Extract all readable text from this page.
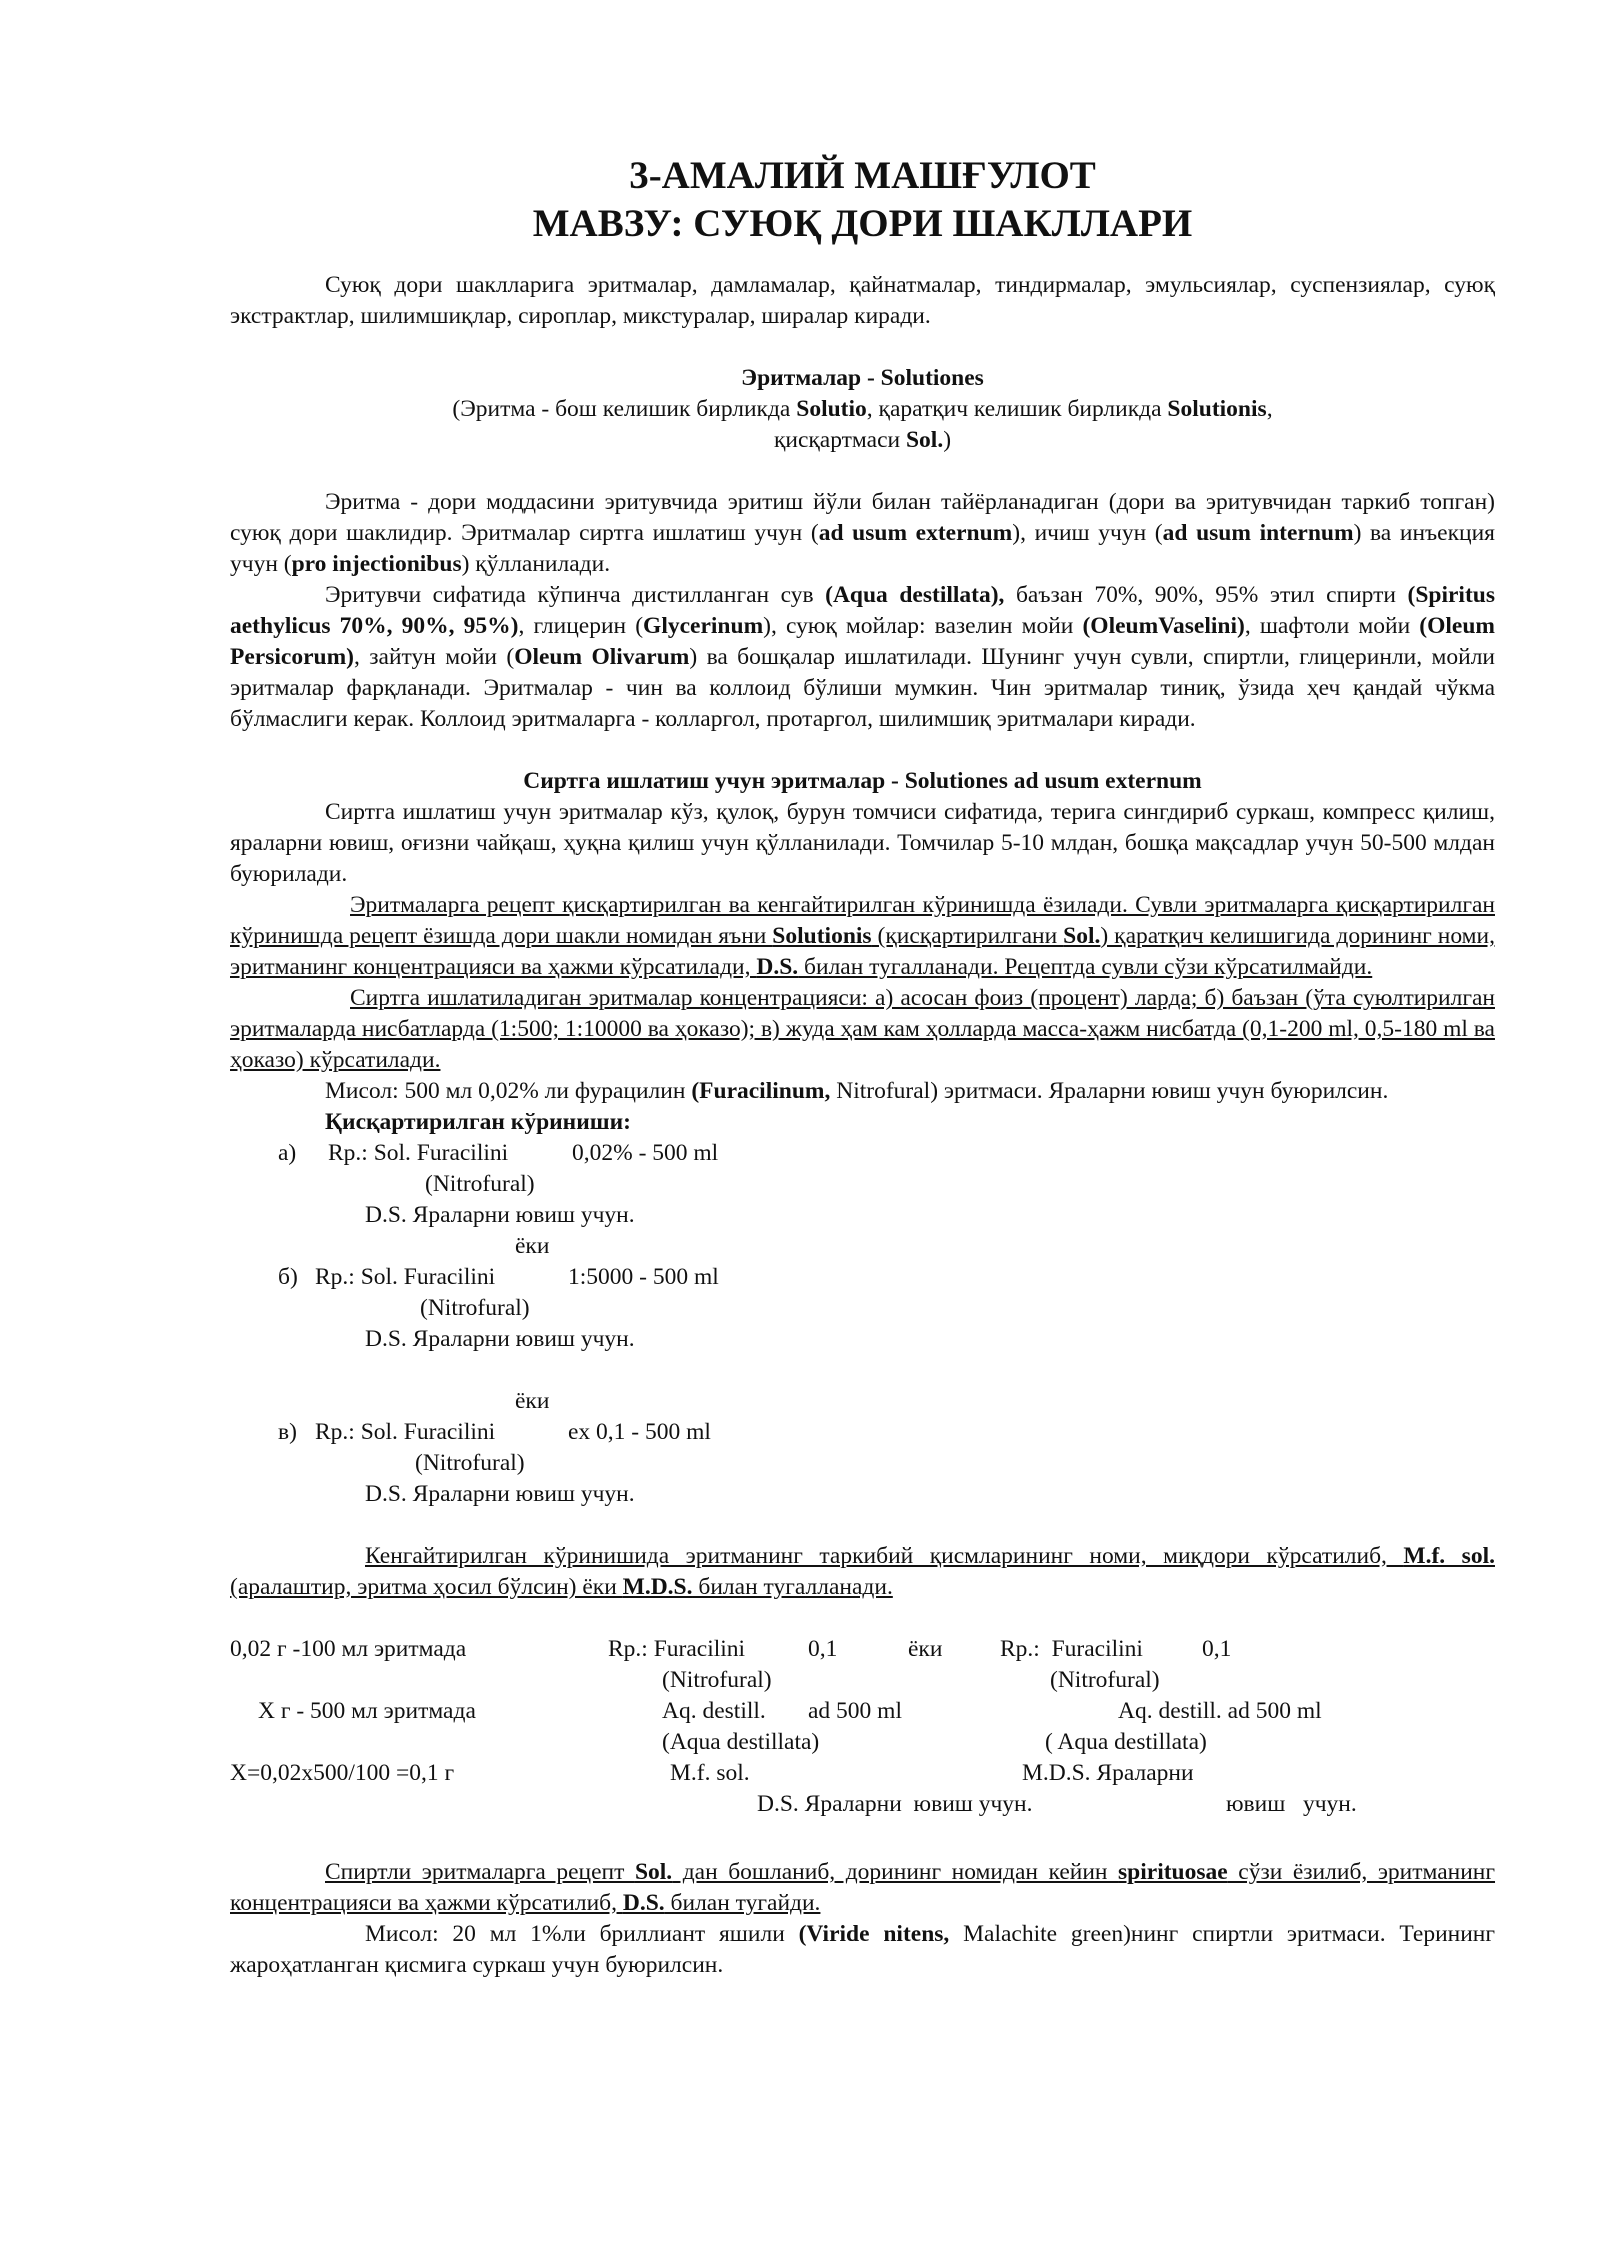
3-АМАЛИЙ МАШҒУЛОТ
МАВЗУ: СУЮҚ ДОРИ ШАКЛЛАРИ

Суюқ дори шаклларига эритмалар, дамламалар, қайнатмалар, тиндирмалар, эмульсиялар, суспензиялар, суюқ экстрактлар, шилимшиқлар, сироплар, микстуралар, ширалар киради.

Эритмалар - Solutiones

(Эритма - бош келишик бирликда Solutio, қаратқич келишик бирликда Solutionis,
қисқартмаси Sol.)

Эритма - дори моддасини эритувчида эритиш йўли билан тайёрланадиган (дори ва эритувчидан таркиб топган) суюқ дори шаклидир. Эритмалар сиртга ишлатиш учун (ad usum externum), ичиш учун (ad usum internum) ва инъекция учун (pro injectionibus) қўлланилади.

Эритувчи сифатида кўпинча дистилланган сув (Aqua destillata), баъзан 70%, 90%, 95% этил спирти (Spiritus aethylicus 70%, 90%, 95%), глицерин (Glycerinum), суюқ мойлар: вазелин мойи (OleumVaselini), шафтоли мойи (Oleum Persicorum), зайтун мойи (Oleum Olivarum) ва бошқалар ишлатилади. Шунинг учун сувли, спиртли, глицеринли, мойли эритмалар фарқланади. Эритмалар - чин ва коллоид бўлиши мумкин. Чин эритмалар тиниқ, ўзида ҳеч қандай чўкма бўлмаслиги керак. Коллоид эритмаларга - колларгол, протаргол, шилимшиқ эритмалари киради.

Сиртга ишлатиш учун эритмалар - Solutiones ad usum externum

Сиртга ишлатиш учун эритмалар кўз, қулоқ, бурун томчиси сифатида, терига сингдириб суркаш, компресс қилиш, яраларни ювиш, оғизни чайқаш, ҳуқна қилиш учун қўлланилади. Томчилар 5-10 млдан, бошқа мақсадлар учун 50-500 млдан буюрилади.

Эритмаларга рецепт қисқартирилган ва кенгайтирилган кўринишда ёзилади. Сувли эритмаларга қисқартирилган кўринишда рецепт ёзишда дори шакли номидан яъни Solutionis (қисқартирилгани Sol.) қаратқич келишигида дорининг номи, эритманинг концентрацияси ва ҳажми кўрсатилади, D.S. билан тугалланади. Рецептда сувли сўзи кўрсатилмайди.

Сиртга ишлатиладиган эритмалар концентрацияси: а) асосан фоиз (процент) ларда; б) баъзан (ўта суюлтирилган эритмаларда нисбатларда (1:500; 1:10000 ва ҳоказо); в) жуда ҳам кам ҳолларда масса-ҳажм нисбатда (0,1-200 ml, 0,5-180 ml ва ҳоказо) кўрсатилади.

Мисол: 500 мл 0,02% ли фурацилин (Furacilinum, Nitrofural) эритмаси. Яраларни ювиш учун буюрилсин.

Қисқартирилган кўриниши:

а)

Rp.: Sol. Furacilini

	0,02% - 500 ml

(Nitrofural)
D.S. Яраларни ювиш учун.
ёки

б)

Rp.: Sol. Furacilini

	1:5000 - 500 ml

(Nitrofural)
D.S. Яраларни ювиш учун.
ёки

в)

Rp.: Sol. Furacilini

	ex 0,1 - 500 ml

(Nitrofural)
D.S. Яраларни ювиш учун.

Кенгайтирилган кўринишида эритманинг таркибий қисмларининг номи, миқдори кўрсатилиб, M.f. sol. (аралаштир, эритма ҳосил бўлсин) ёки M.D.S. билан тугалланади.

0,02 г -100 мл эритмада
Х г - 500 мл эритмада
Х=0,02х500/100 =0,1 г
Rp.: Furacilini	0,1	ёки
(Nitrofural)
Aq. destill. ad 500 ml
(Aqua destillata)
M.f. sol.
D.S. Яраларни  ювиш учун.
Rp.:  Furacilini	0,1
(Nitrofural)
Aq. destill. ad 500 ml
( Aqua destillata)
M.D.S. Яраларни
ювиш   учун.

Спиртли эритмаларга рецепт Sol. дан бошланиб, дорининг номидан кейин spirituosae сўзи ёзилиб, эритманинг концентрацияси ва ҳажми кўрсатилиб, D.S. билан тугайди.

Мисол: 20 мл 1%ли бриллиант яшили (Viride nitens, Malachite green)нинг спиртли эритмаси. Терининг жароҳатланган қисмига суркаш учун буюрилсин.
